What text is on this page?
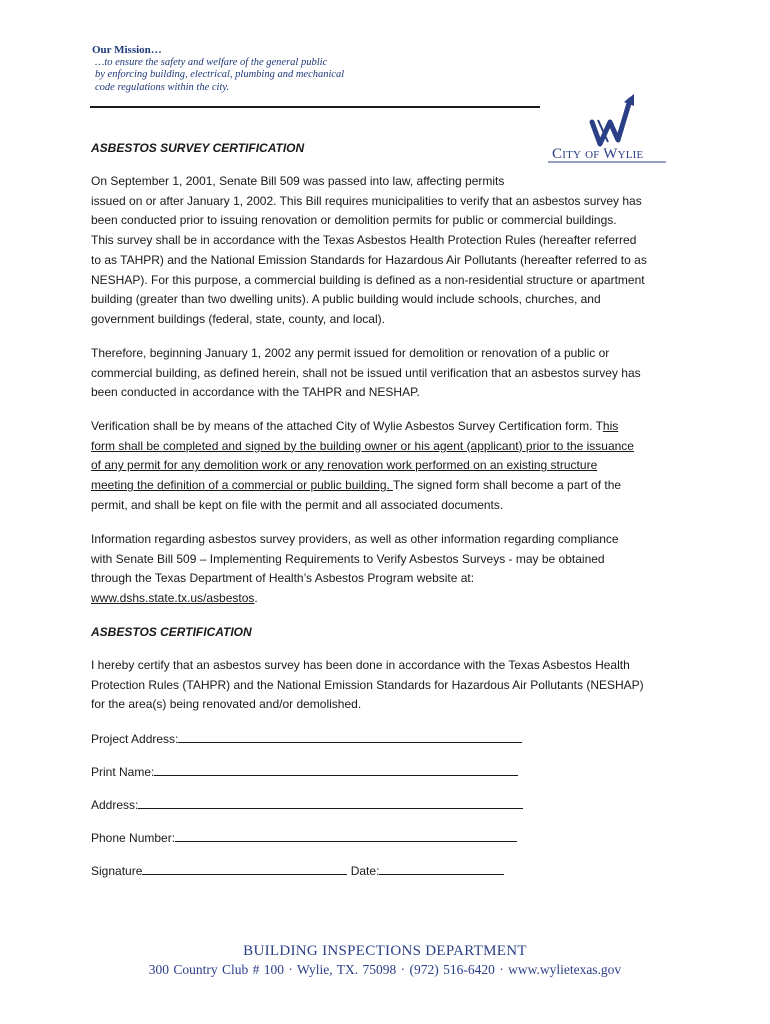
Our Mission…
…to ensure the safety and welfare of the general public
by enforcing building, electrical, plumbing and mechanical
code regulations within the city.
City of Wylie
ASBESTOS SURVEY CERTIFICATION
On September 1, 2001, Senate Bill 509 was passed into law, affecting permits
issued on or after January 1, 2002. This Bill requires municipalities to verify that an asbestos survey has
been conducted prior to issuing renovation or demolition permits for public or commercial buildings.
This survey shall be in accordance with the Texas Asbestos Health Protection Rules (hereafter referred
to as TAHPR) and the National Emission Standards for Hazardous Air Pollutants (hereafter referred to as
NESHAP). For this purpose, a commercial building is defined as a non-residential structure or apartment
building (greater than two dwelling units). A public building would include schools, churches, and
government buildings (federal, state, county, and local).
Therefore, beginning January 1, 2002 any permit issued for demolition or renovation of a public or
commercial building, as defined herein, shall not be issued until verification that an asbestos survey has
been conducted in accordance with the TAHPR and NESHAP.
Verification shall be by means of the attached City of Wylie Asbestos Survey Certification form. This
form shall be completed and signed by the building owner or his agent (applicant) prior to the issuance
of any permit for any demolition work or any renovation work performed on an existing structure
meeting the definition of a commercial or public building. The signed form shall become a part of the
permit, and shall be kept on file with the permit and all associated documents.
Information regarding asbestos survey providers, as well as other information regarding compliance
with Senate Bill 509 – Implementing Requirements to Verify Asbestos Surveys - may be obtained
through the Texas Department of Health’s Asbestos Program website at:
www.dshs.state.tx.us/asbestos.
ASBESTOS CERTIFICATION
I hereby certify that an asbestos survey has been done in accordance with the Texas Asbestos Health
Protection Rules (TAHPR) and the National Emission Standards for Hazardous Air Pollutants (NESHAP)
for the area(s) being renovated and/or demolished.
Project Address:
Print Name:
Address:
Phone Number:
Signature	Date:
BUILDING INSPECTIONS DEPARTMENT
300 Country Club # 100 · Wylie, TX. 75098 · (972) 516-6420 · www.wylietexas.gov
